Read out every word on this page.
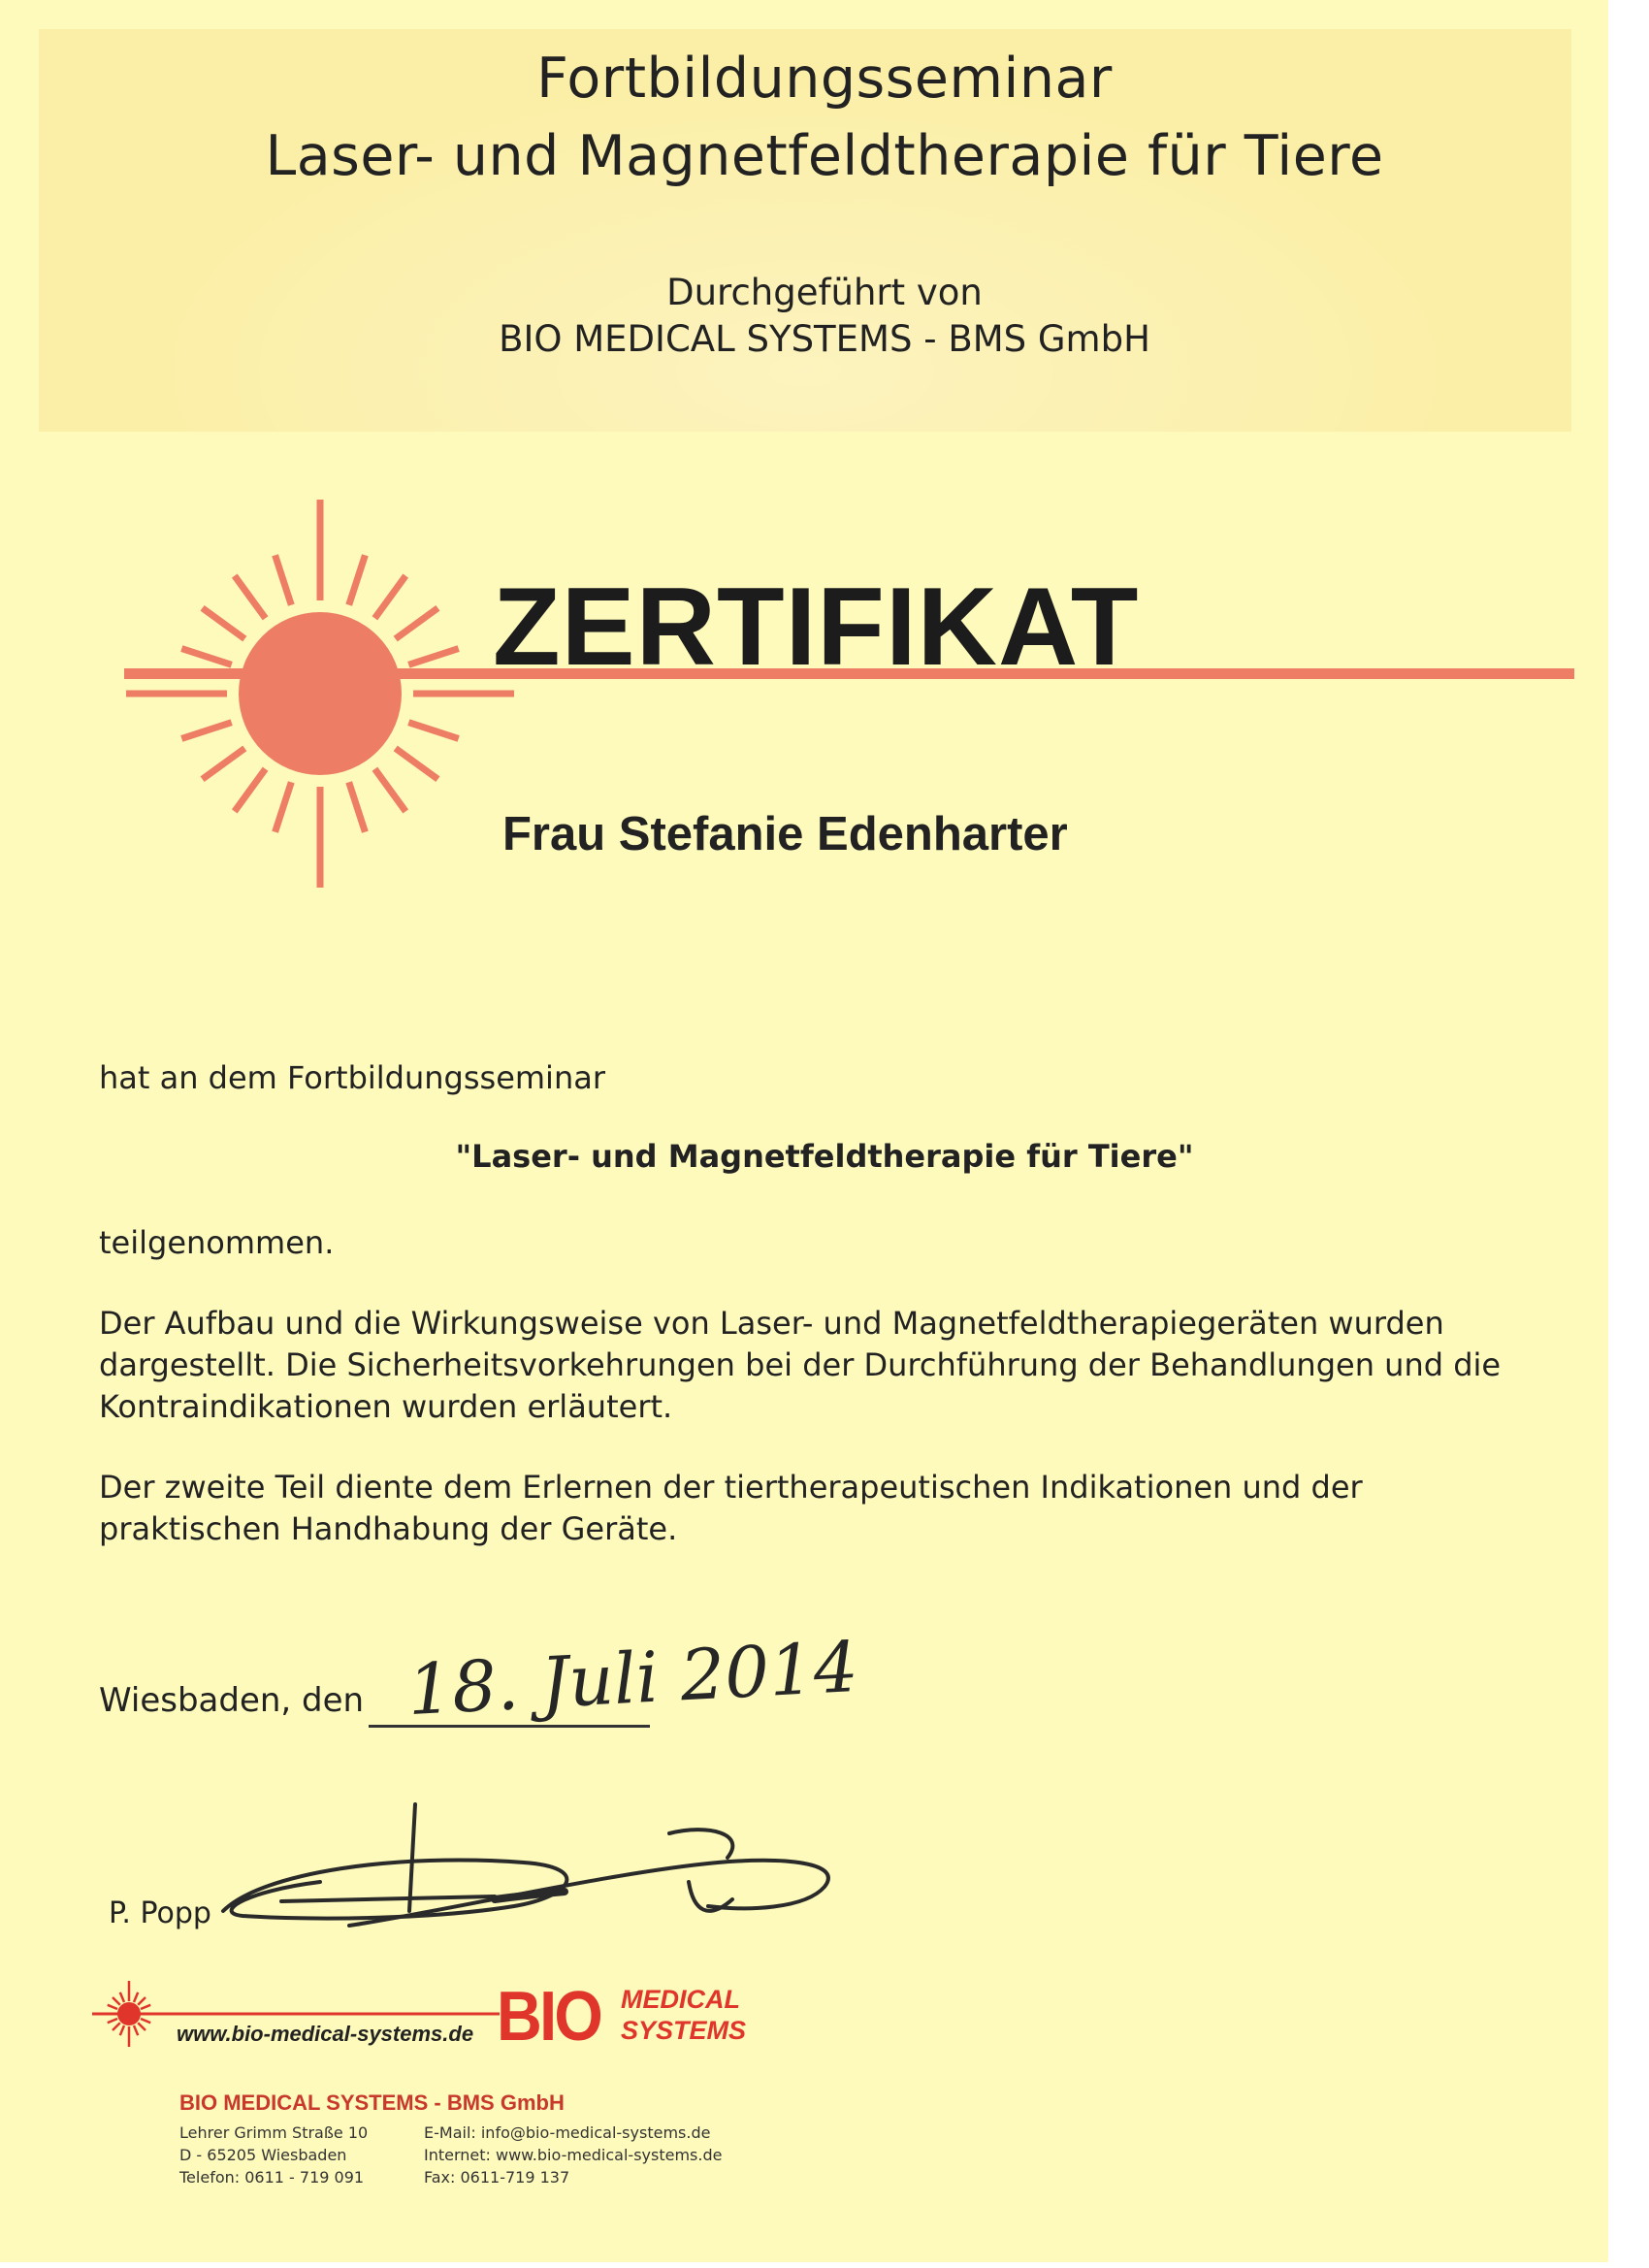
Fortbildungsseminar
Laser- und Magnetfeldtherapie für Tiere
Durchgeführt von
BIO MEDICAL SYSTEMS - BMS GmbH
ZERTIFIKAT
Frau Stefanie Edenharter
hat an dem Fortbildungsseminar
"Laser- und Magnetfeldtherapie für Tiere"
teilgenommen.
Der Aufbau und die Wirkungsweise von Laser- und Magnetfeldtherapiegeräten wurden dargestellt. Die Sicherheitsvorkehrungen bei der Durchführung der Behandlungen und die Kontraindikationen wurden erläutert.
Der zweite Teil diente dem Erlernen der tiertherapeutischen Indikationen und der praktischen Handhabung der Geräte.
Wiesbaden, den 18. Juli 2014
P. Popp
www.bio-medical-systems.de BIO MEDICAL
SYSTEMS
BIO MEDICAL SYSTEMS - BMS GmbH
Lehrer Grimm Straße 10
D - 65205 Wiesbaden
Telefon: 0611 - 719 091
E-Mail: info@bio-medical-systems.de
Internet: www.bio-medical-systems.de
Fax: 0611-719 137
